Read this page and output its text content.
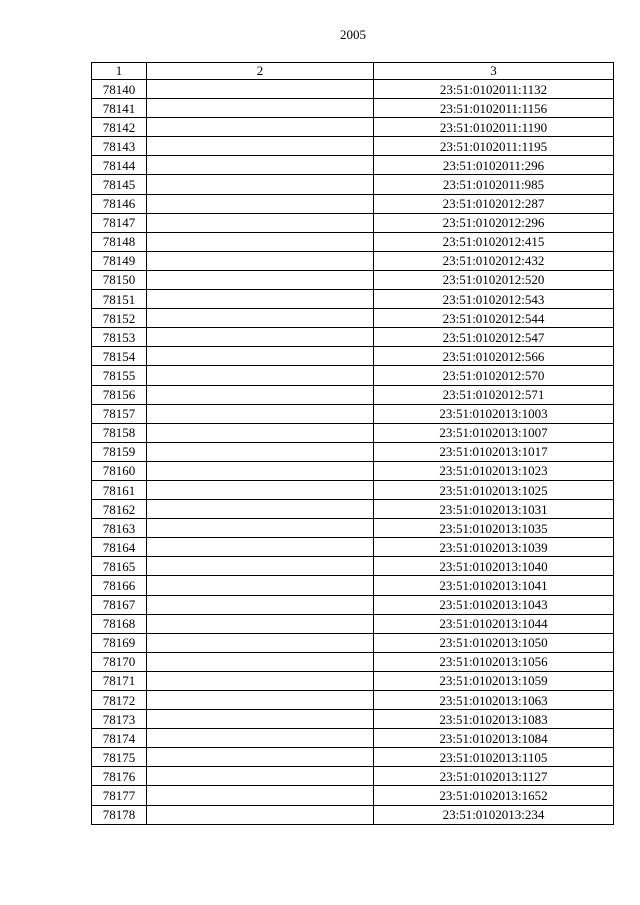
2005
1	2	3
78140		23:51:0102011:1132
78141		23:51:0102011:1156
78142		23:51:0102011:1190
78143		23:51:0102011:1195
78144		23:51:0102011:296
78145		23:51:0102011:985
78146		23:51:0102012:287
78147		23:51:0102012:296
78148		23:51:0102012:415
78149		23:51:0102012:432
78150		23:51:0102012:520
78151		23:51:0102012:543
78152		23:51:0102012:544
78153		23:51:0102012:547
78154		23:51:0102012:566
78155		23:51:0102012:570
78156		23:51:0102012:571
78157		23:51:0102013:1003
78158		23:51:0102013:1007
78159		23:51:0102013:1017
78160		23:51:0102013:1023
78161		23:51:0102013:1025
78162		23:51:0102013:1031
78163		23:51:0102013:1035
78164		23:51:0102013:1039
78165		23:51:0102013:1040
78166		23:51:0102013:1041
78167		23:51:0102013:1043
78168		23:51:0102013:1044
78169		23:51:0102013:1050
78170		23:51:0102013:1056
78171		23:51:0102013:1059
78172		23:51:0102013:1063
78173		23:51:0102013:1083
78174		23:51:0102013:1084
78175		23:51:0102013:1105
78176		23:51:0102013:1127
78177		23:51:0102013:1652
78178		23:51:0102013:234
